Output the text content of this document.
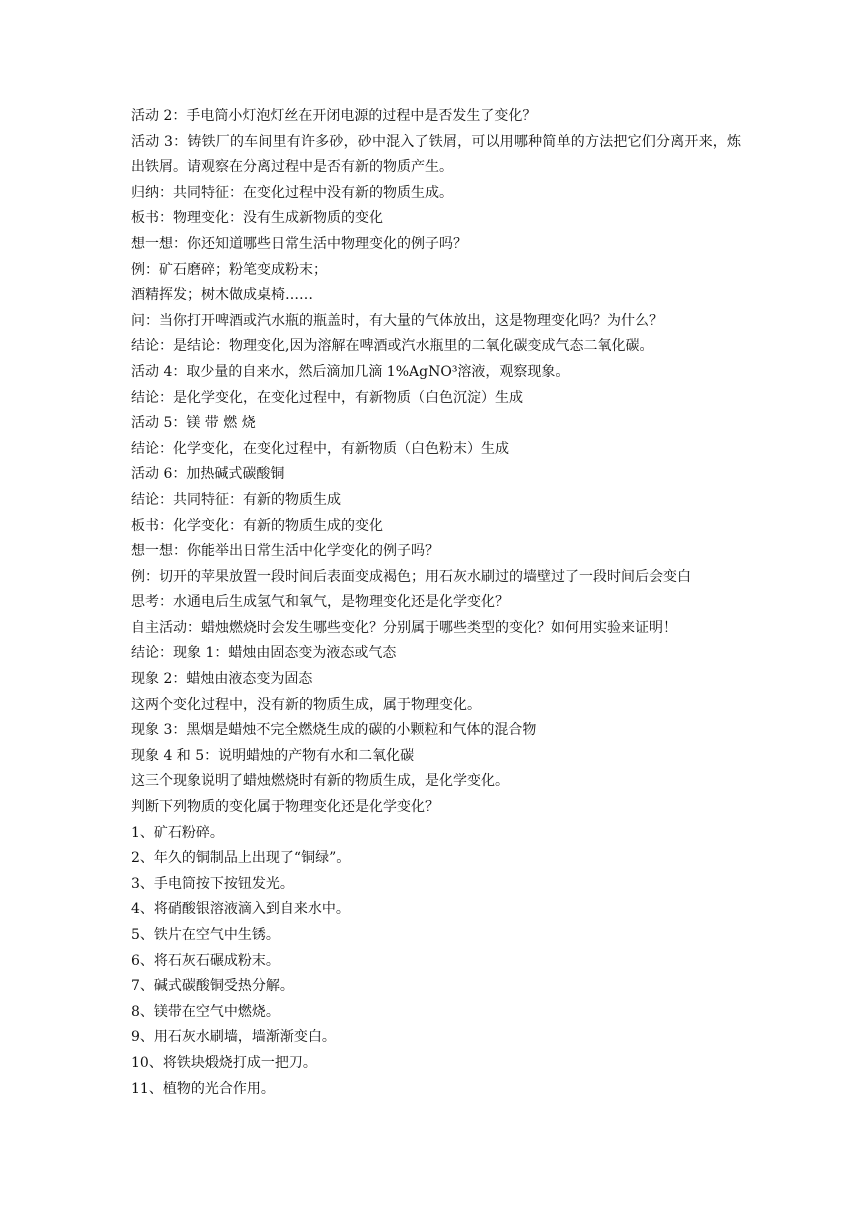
活动 2：手电筒小灯泡灯丝在开闭电源的过程中是否发生了变化？

活动 3：铸铁厂的车间里有许多砂，砂中混入了铁屑，可以用哪种简单的方法把它们分离开来，炼出铁屑。请观察在分离过程中是否有新的物质产生。

归纳：共同特征：在变化过程中没有新的物质生成。

板书：物理变化：没有生成新物质的变化

想一想：你还知道哪些日常生活中物理变化的例子吗？

例：矿石磨碎；粉笔变成粉末；

酒精挥发；树木做成桌椅……

问：当你打开啤酒或汽水瓶的瓶盖时，有大量的气体放出，这是物理变化吗？为什么？

结论：是结论：物理变化,因为溶解在啤酒或汽水瓶里的二氧化碳变成气态二氧化碳。

活动 4：取少量的自来水，然后滴加几滴 1%AgNO³溶液，观察现象。

结论：是化学变化，在变化过程中，有新物质（白色沉淀）生成

活动 5：镁 带 燃 烧

结论：化学变化，在变化过程中，有新物质（白色粉末）生成

活动 6：加热碱式碳酸铜

结论：共同特征：有新的物质生成

板书：化学变化：有新的物质生成的变化

想一想：你能举出日常生活中化学变化的例子吗？

例：切开的苹果放置一段时间后表面变成褐色；用石灰水刷过的墙壁过了一段时间后会变白

思考：水通电后生成氢气和氧气，是物理变化还是化学变化？

自主活动：蜡烛燃烧时会发生哪些变化？分别属于哪些类型的变化？如何用实验来证明！

结论：现象 1：蜡烛由固态变为液态或气态

现象 2：蜡烛由液态变为固态

这两个变化过程中，没有新的物质生成，属于物理变化。

现象 3：黑烟是蜡烛不完全燃烧生成的碳的小颗粒和气体的混合物

现象 4 和 5：说明蜡烛的产物有水和二氧化碳

这三个现象说明了蜡烛燃烧时有新的物质生成，是化学变化。

判断下列物质的变化属于物理变化还是化学变化？

1、矿石粉碎。

2、年久的铜制品上出现了“铜绿”。

3、手电筒按下按钮发光。

4、将硝酸银溶液滴入到自来水中。

5、铁片在空气中生锈。

6、将石灰石碾成粉末。

7、碱式碳酸铜受热分解。

8、镁带在空气中燃烧。

9、用石灰水刷墙，墙渐渐变白。

10、将铁块煅烧打成一把刀。

11、植物的光合作用。
